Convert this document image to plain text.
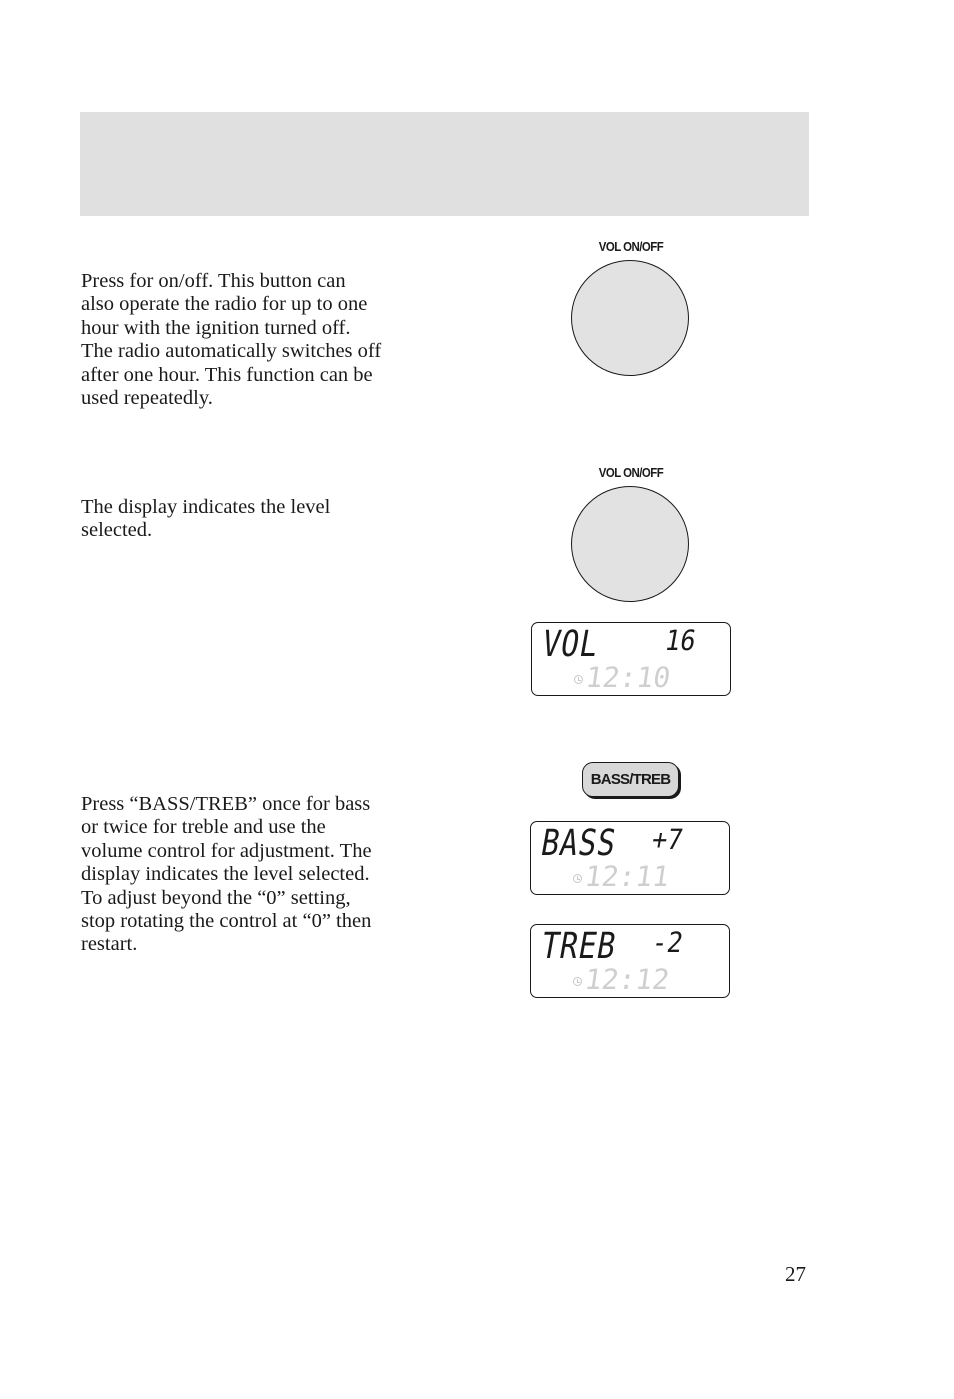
Press for on/off. This button can
also operate the radio for up to one
hour with the ignition turned off.
The radio automatically switches off
after one hour. This function can be
used repeatedly.

VOL ON/OFF

The display indicates the level
selected.

VOL ON/OFF
VOL 16
12:10

Press “BASS/TREB” once for bass
or twice for treble and use the
volume control for adjustment. The
display indicates the level selected.
To adjust beyond the “0” setting,
stop rotating the control at “0” then
restart.

BASS/TREB
BASS +7
12:11
TREB -2
12:12
27
